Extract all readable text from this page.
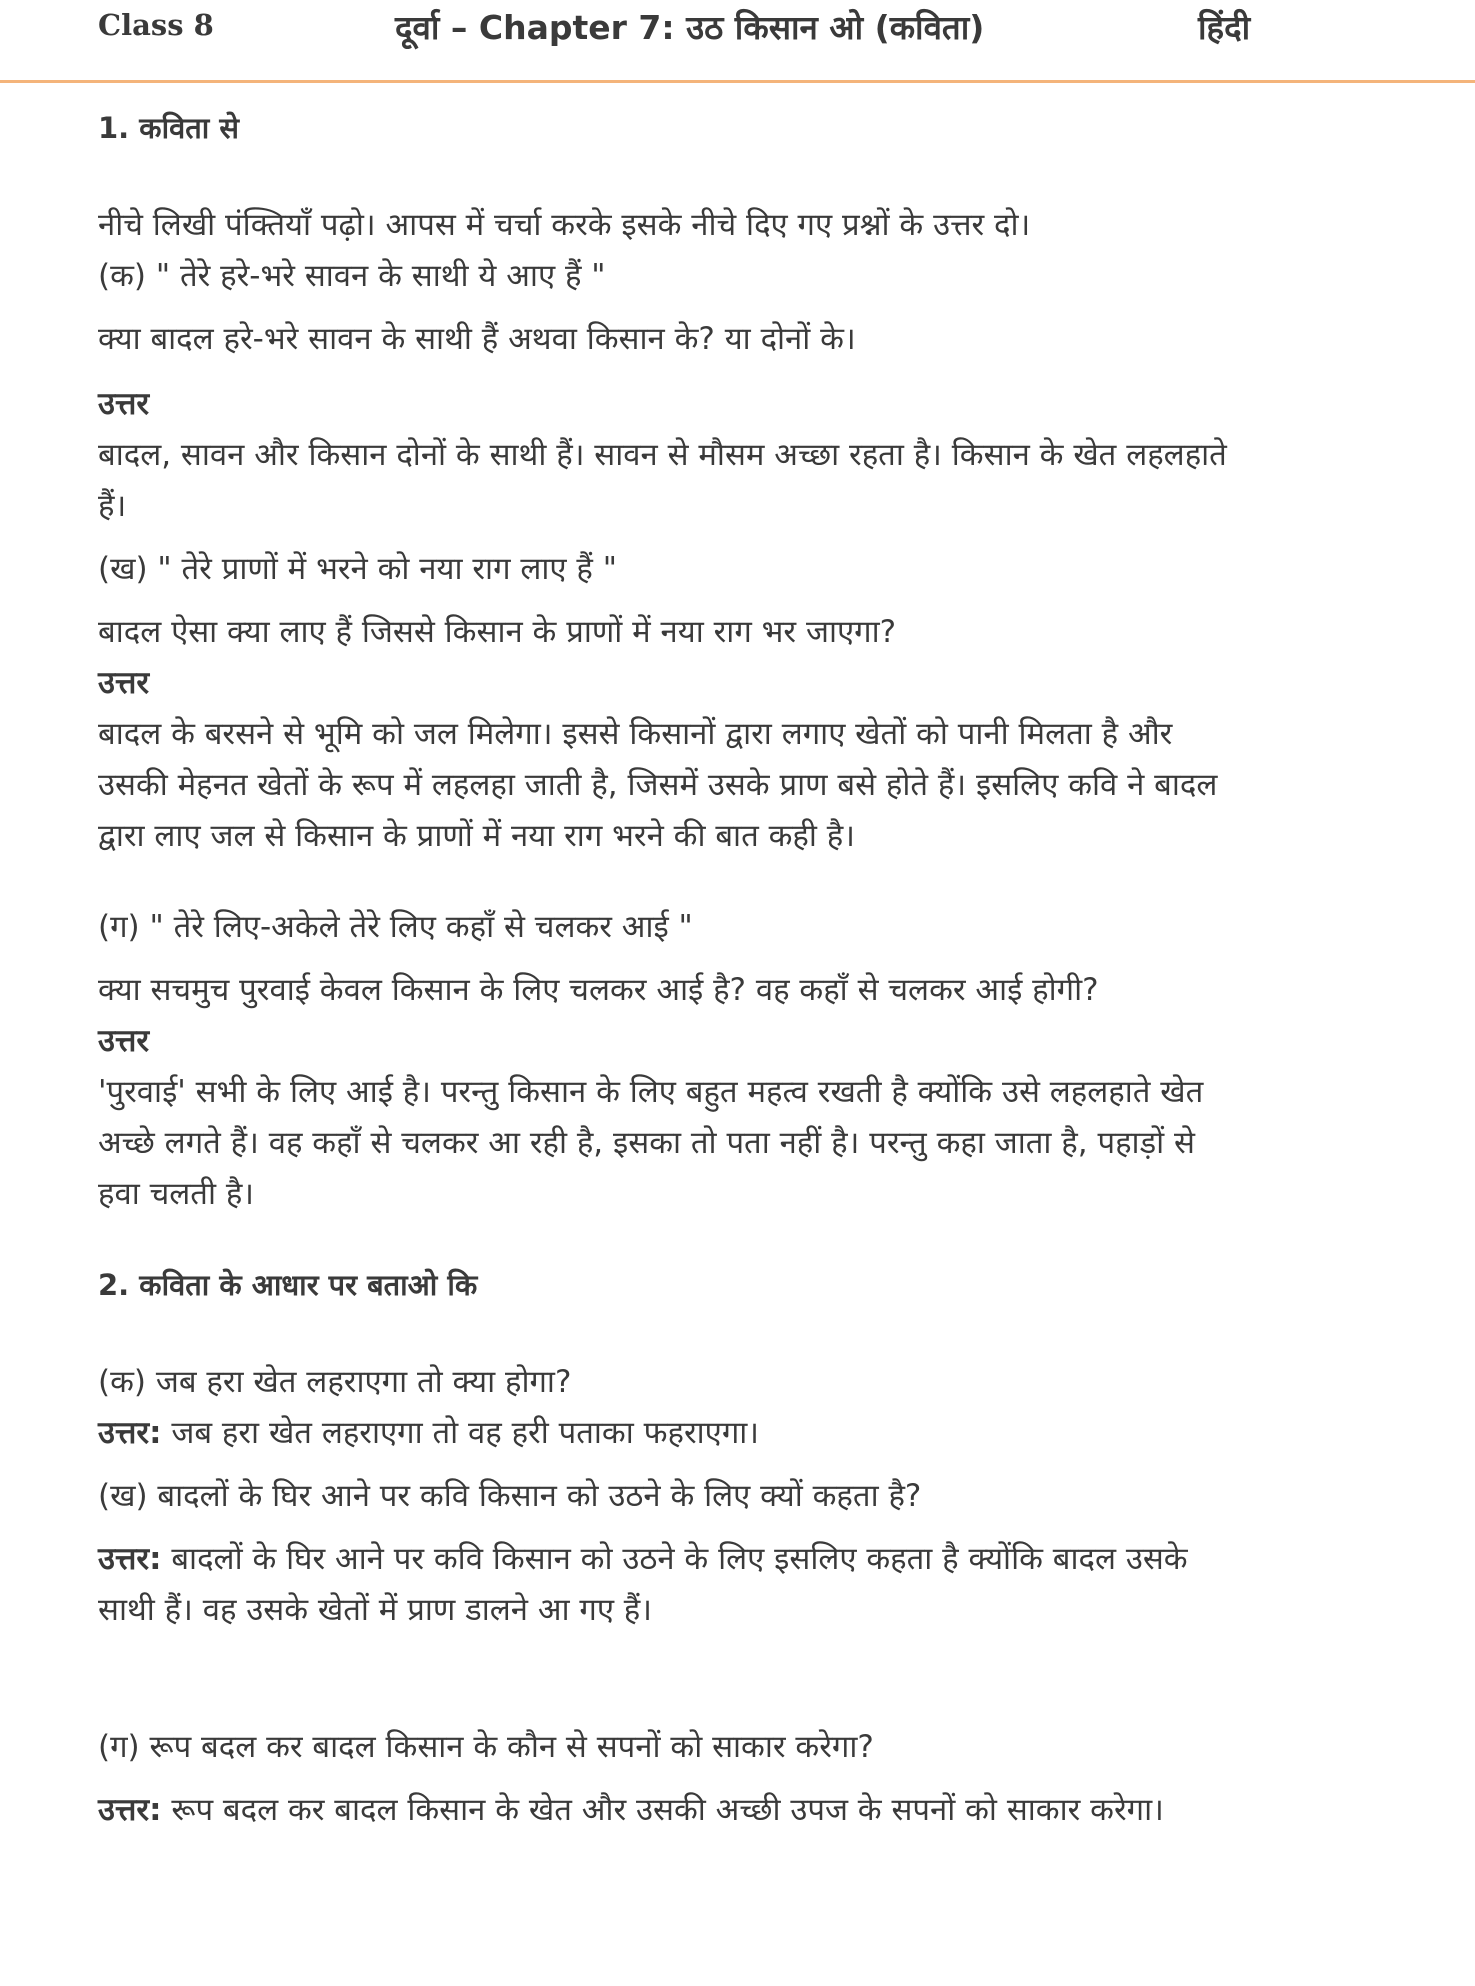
Class 8	दूर्वा – Chapter 7: उठ किसान ओ (कविता)	हिंदी

1. कविता से

नीचे लिखी पंक्तियाँ पढ़ो। आपस में चर्चा करके इसके नीचे दिए गए प्रश्नों के उत्तर दो।

(क) " तेरे हरे-भरे सावन के साथी ये आए हैं "

क्या बादल हरे-भरे सावन के साथी हैं अथवा किसान के? या दोनों के।

उत्तर

बादल, सावन और किसान दोनों के साथी हैं। सावन से मौसम अच्छा रहता है। किसान के खेत लहलहाते

हैं।

(ख) " तेरे प्राणों में भरने को नया राग लाए हैं "

बादल ऐसा क्या लाए हैं जिससे किसान के प्राणों में नया राग भर जाएगा?

उत्तर

बादल के बरसने से भूमि को जल मिलेगा। इससे किसानों द्वारा लगाए खेतों को पानी मिलता है और

उसकी मेहनत खेतों के रूप में लहलहा जाती है, जिसमें उसके प्राण बसे होते हैं। इसलिए कवि ने बादल

द्वारा लाए जल से किसान के प्राणों में नया राग भरने की बात कही है।

(ग) " तेरे लिए-अकेले तेरे लिए कहाँ से चलकर आई "

क्या सचमुच पुरवाई केवल किसान के लिए चलकर आई है? वह कहाँ से चलकर आई होगी?

उत्तर

'पुरवाई' सभी के लिए आई है। परन्तु किसान के लिए बहुत महत्व रखती है क्योंकि उसे लहलहाते खेत

अच्छे लगते हैं। वह कहाँ से चलकर आ रही है, इसका तो पता नहीं है। परन्तु कहा जाता है, पहाड़ों से

हवा चलती है।

2. कविता के आधार पर बताओ कि

(क) जब हरा खेत लहराएगा तो क्या होगा?

उत्तर: जब हरा खेत लहराएगा तो वह हरी पताका फहराएगा।

(ख) बादलों के घिर आने पर कवि किसान को उठने के लिए क्यों कहता है?

उत्तर: बादलों के घिर आने पर कवि किसान को उठने के लिए इसलिए कहता है क्योंकि बादल उसके

साथी हैं। वह उसके खेतों में प्राण डालने आ गए हैं।

(ग) रूप बदल कर बादल किसान के कौन से सपनों को साकार करेगा?

उत्तर: रूप बदल कर बादल किसान के खेत और उसकी अच्छी उपज के सपनों को साकार करेगा।
